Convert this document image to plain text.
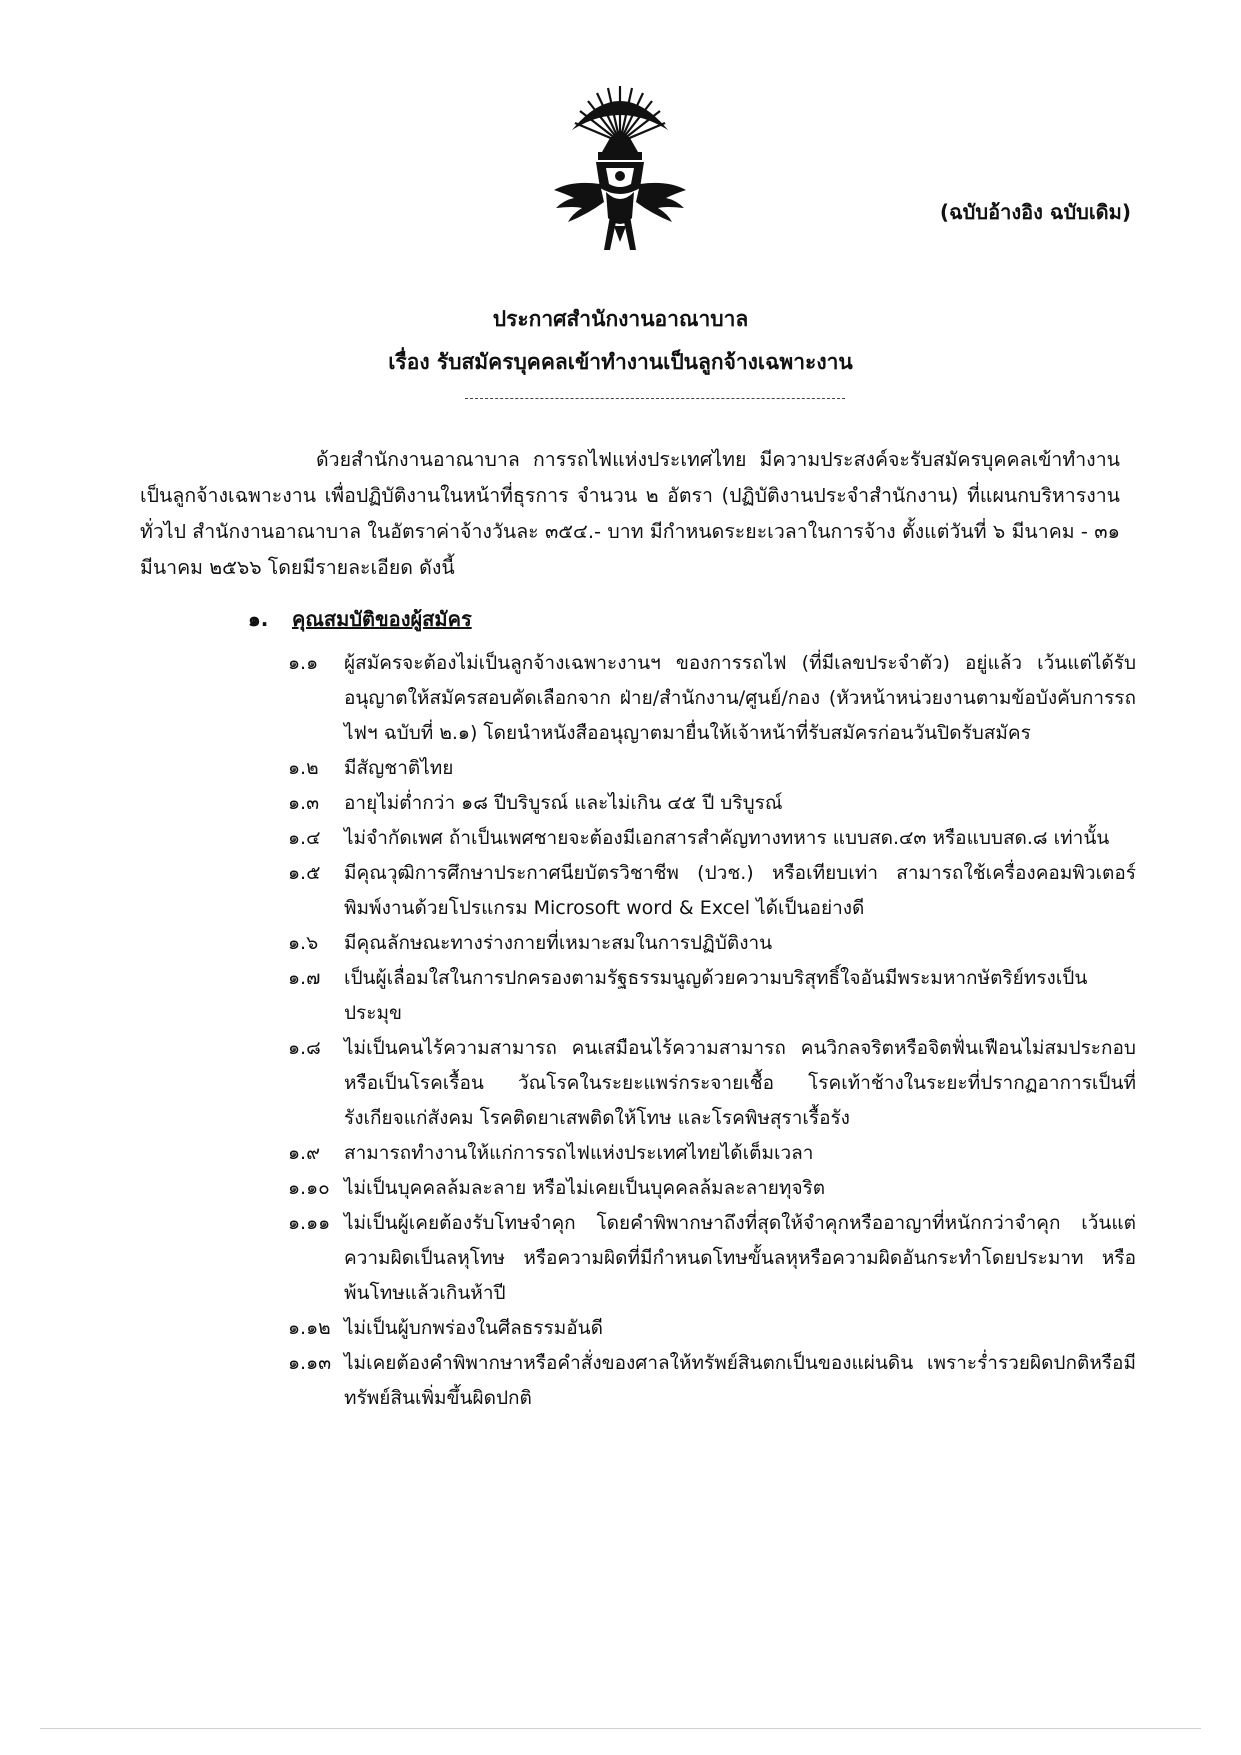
(ฉบับอ้างอิง ฉบับเดิม)
ประกาศสำนักงานอาณาบาล
เรื่อง รับสมัครบุคคลเข้าทำงานเป็นลูกจ้างเฉพาะงาน

ด้วยสำนักงานอาณาบาล การรถไฟแห่งประเทศไทย มีความประสงค์จะรับสมัครบุคคลเข้าทำงานเป็นลูกจ้างเฉพาะงาน เพื่อปฏิบัติงานในหน้าที่ธุรการ จำนวน ๒ อัตรา (ปฏิบัติงานประจำสำนักงาน) ที่แผนกบริหารงานทั่วไป สำนักงานอาณาบาล ในอัตราค่าจ้างวันละ ๓๕๔.- บาท มีกำหนดระยะเวลาในการจ้าง ตั้งแต่วันที่ ๖ มีนาคม - ๓๑ มีนาคม ๒๕๖๖ โดยมีรายละเอียด ดังนี้

๑. คุณสมบัติของผู้สมัคร
๑.๑	ผู้สมัครจะต้องไม่เป็นลูกจ้างเฉพาะงานฯ ของการรถไฟ (ที่มีเลขประจำตัว) อยู่แล้ว เว้นแต่ได้รับอนุญาตให้สมัครสอบคัดเลือกจาก ฝ่าย/สำนักงาน/ศูนย์/กอง (หัวหน้าหน่วยงานตามข้อบังคับการรถไฟฯ ฉบับที่ ๒.๑) โดยนำหนังสืออนุญาตมายื่นให้เจ้าหน้าที่รับสมัครก่อนวันปิดรับสมัคร
๑.๒	มีสัญชาติไทย
๑.๓	อายุไม่ต่ำกว่า ๑๘ ปีบริบูรณ์ และไม่เกิน ๔๕ ปี บริบูรณ์
๑.๔	ไม่จำกัดเพศ ถ้าเป็นเพศชายจะต้องมีเอกสารสำคัญทางทหาร แบบสด.๔๓ หรือแบบสด.๘ เท่านั้น
๑.๕	มีคุณวุฒิการศึกษาประกาศนียบัตรวิชาชีพ (ปวช.) หรือเทียบเท่า สามารถใช้เครื่องคอมพิวเตอร์พิมพ์งานด้วยโปรแกรม Microsoft word & Excel ได้เป็นอย่างดี
๑.๖	มีคุณลักษณะทางร่างกายที่เหมาะสมในการปฏิบัติงาน
๑.๗	เป็นผู้เลื่อมใสในการปกครองตามรัฐธรรมนูญด้วยความบริสุทธิ์ใจอันมีพระมหากษัตริย์ทรงเป็นประมุข
๑.๘	ไม่เป็นคนไร้ความสามารถ คนเสมือนไร้ความสามารถ คนวิกลจริตหรือจิตฟั่นเฟือนไม่สมประกอบหรือเป็นโรคเรื้อน วัณโรคในระยะแพร่กระจายเชื้อ โรคเท้าช้างในระยะที่ปรากฏอาการเป็นที่รังเกียจแก่สังคม โรคติดยาเสพติดให้โทษ และโรคพิษสุราเรื้อรัง
๑.๙	สามารถทำงานให้แก่การรถไฟแห่งประเทศไทยได้เต็มเวลา
๑.๑๐ ไม่เป็นบุคคลล้มละลาย หรือไม่เคยเป็นบุคคลล้มละลายทุจริต
๑.๑๑ ไม่เป็นผู้เคยต้องรับโทษจำคุก โดยคำพิพากษาถึงที่สุดให้จำคุกหรืออาญาที่หนักกว่าจำคุก เว้นแต่ความผิดเป็นลหุโทษ หรือความผิดที่มีกำหนดโทษขั้นลหุหรือความผิดอันกระทำโดยประมาท หรือพ้นโทษแล้วเกินห้าปี
๑.๑๒ ไม่เป็นผู้บกพร่องในศีลธรรมอันดี
๑.๑๓ ไม่เคยต้องคำพิพากษาหรือคำสั่งของศาลให้ทรัพย์สินตกเป็นของแผ่นดิน เพราะร่ำรวยผิดปกติหรือมีทรัพย์สินเพิ่มขึ้นผิดปกติ
